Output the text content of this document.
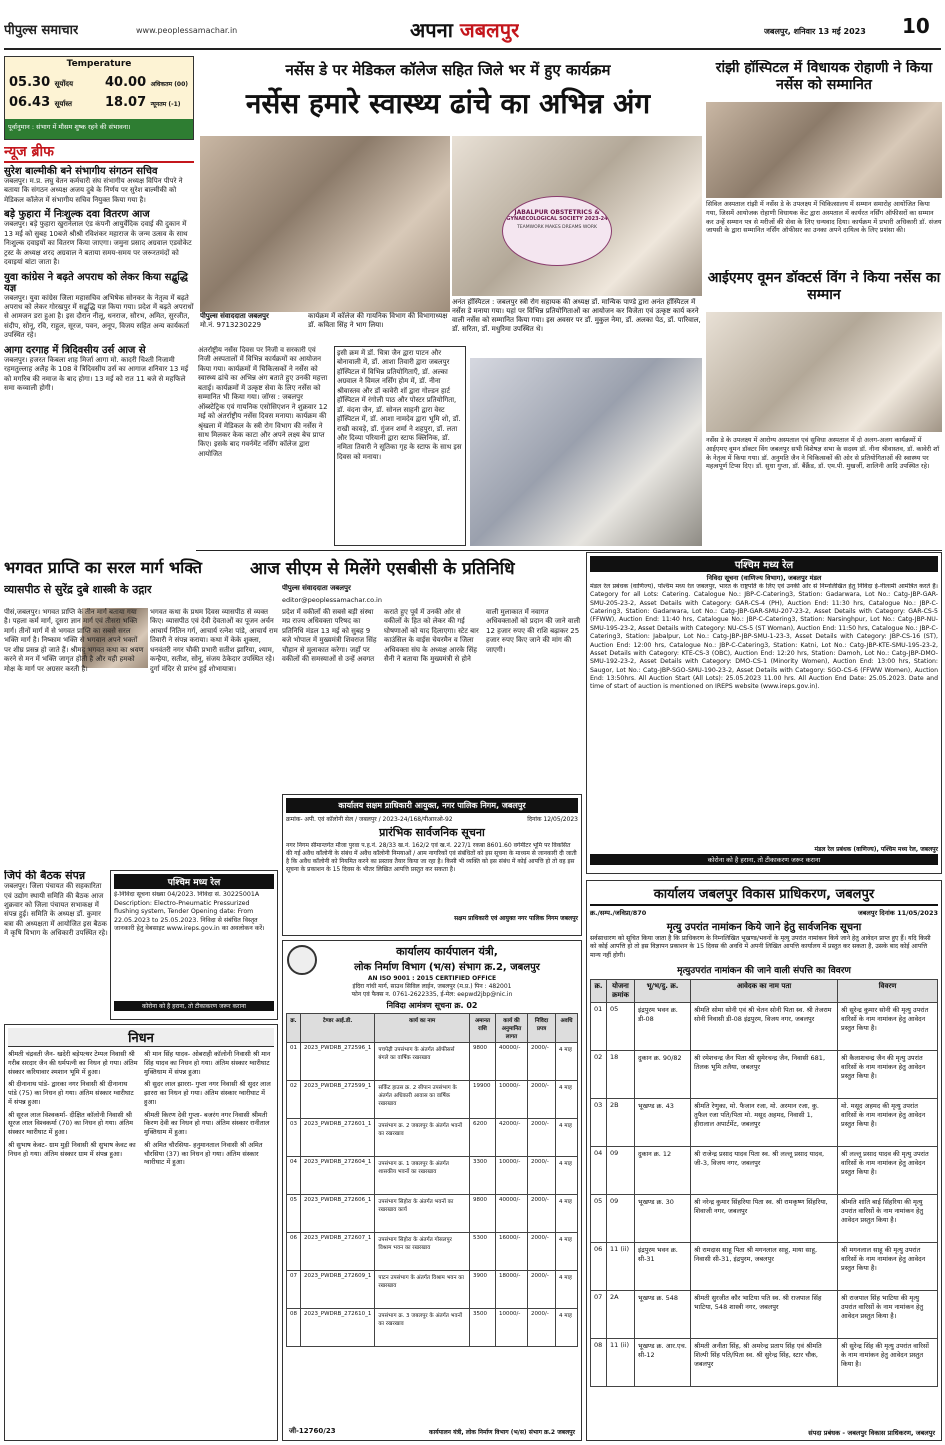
पीपुल्स समाचार	www.peoplessamachar.in	अपना जबलपुर	जबलपुर, शनिवार 13 मई 2023 10
Temperature
05.30 सूर्योदय
06.43 सूर्यास्त
40.00 अधिकतम (00)
18.07 न्यूनतम (-1)
पूर्वानुमान : संभाग में मौसम शुष्क रहने की संभावना।
न्यूज ब्रीफ
सुरेश बाल्मीकी बने संभागीय संगठन सचिव
जबलपुर। म.प्र. लघु वेतन कर्मचारी संघ संभागीय अध्यक्ष विपिन पीपरे ने बताया कि संगठन अध्यक्ष अजय दुबे के निर्णय पर सुरेश बाल्मीकी को मेडिकल कॉलेज में संभागीय सचिव नियुक्त किया गया है।
बड़े फुहारा में निःशुल्क दवा वितरण आज
जबलपुर। बड़े फुहारा खुरानेलाल एंड कंपनी आयुर्वेदिक दवाई की दुकान में 13 मई को सुबह 10बजे श्रीश्री रविशंकर महाराज के जन्म उत्सव के साथ निःशुल्क दवाइयों का वितरण किया जाएगा। जमुना प्रसाद अग्रवाल एडवोकेट ट्रस्ट के अध्यक्ष शरद अग्रवाल ने बताया समय-समय पर जरूरतमंदों को दवाइयां बांटा जाता है।
युवा कांग्रेस ने बढ़ते अपराध को लेकर किया सद्बुद्धि यज्ञ
जबलपुर। युवा कांग्रेस जिला महासचिव अभिषेक सोनकर के नेतृत्व में बढ़ते अपराध को लेकर गोरखपुर में सद्बुद्धि यज्ञ किया गया। प्रदेश में बढ़ते अपराधों से आमजन डरा हुआ है। इस दौरान नीलू, धनराज, सौरभ, अमित, सुरजीत, संदीप, सोनू, रवि, राहुल, सूरज, पवन, अनूप, विजय सहित अन्य कार्यकर्ता उपस्थित रहे।
आगा दरगाह में त्रिदिवसीय उर्स आज से
जबलपुर। हजरत किबला शाह मिर्जा आगा मो. कादरी चिश्ती निजामी रहमतुल्लाह अलैह के 108 वे त्रिदिवसीय उर्स का आगाज शनिवार 13 मई को मगरिब की नमाज के बाद होगा। 13 मई को रात 11 बजे से महफिले समा कव्वाली होगी।
नर्सेस डे पर मेडिकल कॉलेज सहित जिले भर में हुए कार्यक्रम
नर्सेस हमारे स्वास्थ्य ढांचे का अभिन्न अंग
पीपुल्स संवाददाता जबलपुर
मो.नं. 9713230229
कार्यक्रम में कॉलेज की गायनिक विभाग की विभागाध्यक्ष डॉ. कविता सिंह ने भाग लिया।
JABALPUR OBSTETRICS &
GYNAECOLOGICAL SOCIETY 2023-24
TEAMWORK MAKES DREAMS WORK
अनंत हॉस्पिटल : जबलपुर स्त्री रोग सहायक की अध्यक्ष डॉ. मान्यिक पाण्डे द्वारा अनंत हॉस्पिटल में नर्सेस डे मनाया गया। यहां पर विभिन्न प्रतियोगिताओं का आयोजन कर विजेता एवं उत्कृष्ट कार्य करने वाली नर्सेस को सम्मानित किया गया। इस अवसर पर डॉ. मुकुल नेमा, डॉ. अलका पेठ, डॉ. पारिवाल, डॉ. सरिता, डॉ. मधुरिमा उपस्थित थे।
अंतर्राष्ट्रीय नर्सेस दिवस पर निजी व सरकारी एवं निजी अस्पतालों में विभिन्न कार्यक्रमों का आयोजन किया गया। कार्यक्रमों में चिकित्सकों ने नर्सेस को स्वास्थ्य ढांचे का अभिन्न अंग बताते हुए उनकी महत्ता बताई। कार्यक्रमों में उत्कृष्ट सेवा के लिए नर्सेस को सम्मानित भी किया गया। जॉग्स : जबलपुर ऑब्स्टेट्रिक एवं गायनिक एसोसिएशन ने शुक्रवार 12 मई को अंतर्राष्ट्रीय नर्सेस दिवस मनाया। कार्यक्रम की श्रृंखला में मेडिकल के स्त्री रोग विभाग की नर्सेस ने साथ मिलकर केक काटा और अपने लक्ष्य बेच प्राप्त किए। इसके बाद गवर्नमेंट नर्सिंग कॉलेज द्वारा आयोजित
इसी क्रम में डॉ. चित्रा जैन द्वारा पाटन और बोनावाली में, डॉ. आशा तिवारी द्वारा जबलपुर हॉस्पिटल में विभिन्न प्रतियोगिताएँ, डॉ. अल्का अग्रवाल ने विमल नर्सिंग होम में, डॉ. नीना श्रीवास्तव और डॉ कावेरी शॉ द्वारा गोल्डन हार्ट हॉस्पिटल में रंगोली पाठ और पोस्टर प्रतियोगिता, डॉ. वंदना जैन, डॉ. सोनल साहनी द्वारा वेस्ट हॉस्पिटल में, डॉ. आशा नामदेव द्वारा भूमि शो, डॉ. राखी कावड़े, डॉ. गुंजन शर्मा ने शहपुरा, डॉ. लता और दिव्या परियानी द्वारा स्टाफ क्लिनिक, डॉ. नमिता तिवारी ने सूतिका गृह के स्टाफ के साथ इस दिवस को मनाया।
रांझी हॉस्पिटल में विधायक रोहाणी ने किया नर्सेस को सम्मानित
सिविल अस्पताल रांझी में नर्सेस डे के उपलक्ष्य में चिकित्सालय में सम्मान समारोह आयोजित किया गया, जिसमें आयोजक रोहाणी विधायक केंट द्वारा अस्पताल में कार्यरत नर्सिंग ऑफीसरों का सम्मान कर उन्हें सम्मान पत्र से मरीजों की सेवा के लिए धन्यवाद दिया। कार्यक्रम में प्रभारी अधिकारी डॉ. संजय जायसी के द्वारा सम्मानित नर्सिंग ऑफीसर का उनका अपने दायित्व के लिए प्रशंसा की।
आईएमए वूमन डॉक्टर्स विंग ने किया नर्सेस का सम्मान
नर्सेस डे के उपलक्ष्य में आरोग्य अस्पताल एवं सुविधा अस्पताल में दो अलग-अलग कार्यक्रमों में आईएमए वूमन डॉक्टर विंग जबलपुर सभी विशेषज्ञ सभा के सदस्य डॉ. नीना श्रीवास्तव, डॉ. कावेरी शॉ के नेतृत्व में किया गया। डॉ. अनुमति जैन ने चिकित्सकों की ओर से प्रतियोगिताओं की स्वास्थ्य पर महत्वपूर्ण टिप्स दिए। डॉ. सुधा गुप्ता, डॉ. बैंक्रैंड, डॉ. एम.पी. मुखर्जी, शालिनी आदि उपस्थित रहे।
भगवत प्राप्ति का सरल मार्ग भक्ति
व्यासपीठ से सुरेंद्र दुबे शास्त्री के उद्गार
पीसं,जबलपुर। भगवत प्राप्ति के तीन मार्ग बताया गया है। पहला कर्म मार्ग, दूसरा ज्ञान मार्ग एवं तीसरा भक्ति मार्ग। तीनों मार्ग में से भगवत प्राप्ति का सबसे सरल भक्ति मार्ग है। निष्काम भक्ति से भगवान अपने भक्तों पर शीघ्र प्रसन्न हो जाते हैं। श्रीमद् भगवत कथा का श्रवण करने से मन में भक्ति जागृत होती है और यही हमको मोक्ष के मार्ग पर अग्रसर करती है।
भगवत कथा के प्रथम दिवस व्यासपीठ से व्यक्त किए। व्यासपीठ एवं देवी देवताओं का पूजन अर्चन आचार्य नितिन गर्ग, आचार्य रत्नेश पांडे, आचार्य राम तिवारी ने संपन्न कराया। कथा में केके शुक्ला, धनवंतरी नगर चौकी प्रभारी सतीश झारिया, श्याम, कन्हैया, सतीश, सोनू, संजय ठेकेदार उपस्थित रहे। दुर्गा मंदिर से प्रारंभ हुई शोभायात्रा।
आज सीएम से मिलेंगे एसबीसी के प्रतिनिधि
पीपुल्स संवाददाता जबलपुर
editor@peoplessamachar.co.in
प्रदेश में वकीलों की सबसे बड़ी संस्था मप्र राज्य अधिवक्ता परिषद का प्रतिनिधि मंडल 13 मई को सुबह 9 बजे भोपाल में मुख्यमंत्री शिवराज सिंह चौहान से मुलाकात करेगा। जहाँ पर वकीलों की समस्याओं से उन्हें अवगत कराते हुए पूर्व में उनकी ओर से वकीलों के हित को लेकर की गई घोषणाओं को याद दिलाएगा। स्टेट बार काउंसिल के वाईस चेयरमैन व जिला अधिवक्ता संघ के अध्यक्ष आरके सिंह सैनी ने बताया कि मुख्यमंत्री से होने वाली मुलाकात में नवागत अधिवक्ताओं को प्रदान की जाने वाली 12 हजार रुपए की राशि बढ़ाकर 25 हजार रुपए किए जाने की मांग की जाएगी।
कार्यालय सक्षम प्राधिकारी आयुक्त, नगर पालिक निगम, जबलपुर
क्रमांक- अपी. एवं कॉलोनी सेल / जबलपुर / 2023-24/168/पीआरओ-92	दिनांक 12/05/2023
प्रारंभिक सार्वजनिक सूचना
नगर निगम सीमान्तर्गत मौजा पुरवा प.ह.नं. 28/33 ख.नं. 162/2 एवं ख.नं. 227/1 रकबा 8601.60 वर्गमीटर भूमि पर विकसित की गई अवैध कॉलोनी के संबंध में अवैध कॉलोनी निमयाओं / आम नागरिकों एवं संबंधितों को इस सूचना के माध्यम से जानकारी दी जाती है कि अवैध कॉलोनी को नियमित करने का प्रस्ताव तैयार किया जा रहा है। किसी भी व्यक्ति को इस संबंध में कोई आपत्ति हो तो वह इस सूचना के प्रकाशन के 15 दिवस के भीतर लिखित आपत्ति प्रस्तुत कर सकता है।
सक्षम प्राधिकारी एवं आयुक्त नगर पालिक निगम जबलपुर
पश्चिम मध्य रेल
निविदा सूचना (वाणिज्य विभाग), जबलपुर मंडल
मंडल रेल प्रबंधक (वाणिज्य), पश्चिम मध्य रेल जबलपुर, भारत के राष्ट्रपति के लिए एवं उनकी ओर से निम्नलिखित हेतु निविदा ई-नीलामी आमंत्रित करते हैं। Category for all Lots: Catering. Catalogue No.: JBP-C-Catering3, Station: Gadarwara, Lot No.: Catg-JBP-GAR-SMU-205-23-2, Asset Details with Category: GAR-CS-4 (PH), Auction End: 11:30 hrs, Catalogue No.: JBP-C-Catering3, Station: Gadarwara, Lot No.: Catg-JBP-GAR-SMU-207-23-2, Asset Details with Category: GAR-CS-5 (FFWW), Auction End: 11:40 hrs, Catalogue No.: JBP-C-Catering3, Station: Narsinghpur, Lot No.: Catg-JBP-NU-SMU-195-23-2, Asset Details with Category: NU-CS-5 (ST Woman), Auction End: 11:50 hrs, Catalogue No.: JBP-C-Catering3, Station: Jabalpur, Lot No.: Catg-JBP-JBP-SMU-1-23-3, Asset Details with Category: JBP-CS-16 (ST), Auction End: 12:00 hrs, Catalogue No.: JBP-C-Catering3, Station: Katni, Lot No.: Catg-JBP-KTE-SMU-195-23-2, Asset Details with Category: KTE-CS-3 (OBC), Auction End: 12:20 hrs, Station: Damoh, Lot No.: Catg-JBP-DMO-SMU-192-23-2, Asset Details with Category: DMO-CS-1 (Minority Women), Auction End: 13:00 hrs, Station: Saugor, Lot No.: Catg-JBP-SGO-SMU-190-23-2, Asset Details with Category: SGO-CS-6 (FFWW Women), Auction End: 13:50hrs. All Auction Start (All Lots): 25.05.2023 11.00 hrs. All Auction End Date: 25.05.2023. Date and time of start of auction is mentioned on IREPS website (www.ireps.gov.in).
मंडल रेल प्रबंधक (वाणिज्य), पश्चिम मध्य रेल, जबलपुर
कोरोना को है हराना, तो टीकाकरण जरूर कराना
कार्यालय जबलपुर विकास प्राधिकरण, जबलपुर
क्र./सम्प./जविप्रा/870	जबलपुर दिनांक 11/05/2023
मृत्यु उपरांत नामांकन किये जाने हेतु सार्वजनिक सूचना
सर्वसाधारण को सूचित किया जाता है कि प्राधिकरण के निम्नलिखित भूखण्ड/भवनों के मृत्यु उपरांत नामांकन किये जाने हेतु आवेदन प्राप्त हुए हैं। यदि किसी को कोई आपत्ति हो तो इस विज्ञापन प्रकाशन के 15 दिवस की अवधि में अपनी लिखित आपत्ति कार्यालय में प्रस्तुत कर सकता है, उसके बाद कोई आपत्ति मान्य नहीं होगी।
मृत्युउपरांत नामांकन की जाने वाली संपत्ति का विवरण
क्र.	योजना क्रमांक	भू/भ/दु. क्र.	आवेदक का नाम पता	विवरण
01	05	इंद्रपुरम भवन क्र. डी-08	श्रीमति सोमा सोनी एवं श्री चेतन सोनी पिता स्व. श्री तेजराम सोनी निवासी डी-08 इंद्रपुरम, विजय नगर, जबलपुर	श्री सुरेन्द्र कुमार सोनी की मृत्यु उपरांत वारिसों के नाम नामांकन हेतु आवेदन प्रस्तुत किया है।
02	18	दुकान क्र. 90/82	श्री रमेशचन्द्र जैन पिता श्री सुमेरचन्द्र जैन, निवासी 681, तिलक भूमि तलैया, जबलपुर	श्री कैलाशचन्द्र जैन की मृत्यु उपरांत वारिसों के नाम नामांकन हेतु आवेदन प्रस्तुत किया है।
03	2B	भूखण्ड क्र. 43	श्रीमति रेणुका, मो. फैजान रजा, मो. अरमान रजा, कु. तुफैल रजा पति/पिता मो. मसूद अहमद, निवासी 1, हीरालाल अपार्टमेंट, जबलपुर	मो. मसूद अहमद की मृत्यु उपरांत वारिसों के नाम नामांकन हेतु आवेदन प्रस्तुत किया है।
04	09	दुकान क्र. 12	श्री राजेन्द्र प्रसाद यादव पिता स्व. श्री लल्लू प्रसाद यादव, जी-3, विजय नगर, जबलपुर	श्री लल्लू प्रसाद यादव की मृत्यु उपरांत वारिसों के नाम नामांकन हेतु आवेदन प्रस्तुत किया है।
05	09	भूखण्ड क्र. 30	श्री नरेन्द्र कुमार सिंहरिया पिता स्व. श्री रामकृष्ण सिंहरिया, शिवाजी नगर, जबलपुर	श्रीमति शांति बाई सिंहरिया की मृत्यु उपरांत वारिसों के नाम नामांकन हेतु आवेदन प्रस्तुत किया है।
06	11 (ii)	इंद्रपुरम भवन क्र. सी-31	श्री रामदास साहू पिता श्री मगनलाल साहू, माया साहू, निवासी सी-31, इंद्रपुरम, जबलपुर	श्री मगनलाल साहू की मृत्यु उपरांत वारिसों के नाम नामांकन हेतु आवेदन प्रस्तुत किया है।
07	2A	भूखण्ड क्र. 548	श्रीमती सुरजीत कौर भाटिया पति स्व. श्री राजपाल सिंह भाटिया, 548 शास्त्री नगर, जबलपुर	श्री राजपाल सिंह भाटिया की मृत्यु उपरांत वारिसों के नाम नामांकन हेतु आवेदन प्रस्तुत किया है।
08	11 (ii)	भूखण्ड क्र. आर.एच. सी-12	श्रीमती अनीता सिंह, श्री अमरेन्द्र प्रताप सिंह एवं श्रीमति शिल्पी सिंह पति/पिता स्व. श्री सुरेन्द्र सिंह, स्टार चौक, जबलपुर	श्री सुरेन्द्र सिंह की मृत्यु उपरांत वारिसों के नाम नामांकन हेतु आवेदन प्रस्तुत किया है।
संपदा प्रबंधक - जबलपुर विकास प्राधिकरण, जबलपुर
जिपं की बैठक संपन्न
जबलपुर। जिला पंचायत की सहकारिता एवं उद्योग स्थायी समिति की बैठक आज शुक्रवार को जिला पंचायत सभाकक्ष में संपन्न हुई। समिति के अध्यक्ष डॉ. कुमार बत्रा की अध्यक्षता में आयोजित इस बैठक में कृषि विभाग के अधिकारी उपस्थित रहे।
पश्चिम मध्य रेल
ई-निविदा सूचना संख्या 04/2023. निविदा सं. 30225001A Description: Electro-Pneumatic Pressurized flushing system, Tender Opening date: From 22.05.2023 to 25.05.2023. निविदा से संबंधित विस्तृत जानकारी हेतु वेबसाइट www.ireps.gov.in का अवलोकन करें।
कोरोना को है हराना, तो टीकाकरण जरूर कराना
कार्यालय कार्यपालन यंत्री,
लोक निर्माण विभाग (भ/स) संभाग क्र.2, जबलपुर
AN ISO 9001 : 2015 CERTIFIED OFFICE
इंदिरा गांधी मार्ग, साउथ सिविल लाईन, जबलपुर (म.प्र.) पिन : 482001
फोन एवं फैक्स न. 0761-2622335, ई-मेल: eepwd2jbp@nic.in
निविदा आमंत्रण सूचना क्र. 02
क्र.	टेण्डर आई.डी.	कार्य का नाम	अमानत राशि	कार्य की अनुमानित लागत	निविदा प्रपत्र	अवधि
01	2023_PWDRB_272596_1	पचपेढ़ी उपसंभाग के अंतर्गत ऑफीसर्स बंगले का वार्षिक रखरखाव	9800	40000/-	2000/-	4 माह
02	2023_PWDRB_272599_1	सर्किट हाउस क्र. 2 सीपान उपसंभाग के अंतर्गत अधिकारी आवास का वार्षिक रखरखाव	19900	10000/-	2000/-	4 माह
03	2023_PWDRB_272601_1	उपसंभाग क्र. 2 जबलपुर के अंतर्गत भवनों का रखरखाव	6200	42000/-	2000/-	4 माह
04	2023_PWDRB_272604_1	उपसंभाग क्र. 1 जबलपुर के अंतर्गत शासकीय भवनों का रखरखाव	3300	10000/-	2000/-	4 माह
05	2023_PWDRB_272606_1	उपसंभाग सिहोरा के अंतर्गत भवनों का रखरखाव कार्य	9800	40000/-	2000/-	4 माह
06	2023_PWDRB_272607_1	उपसंभाग सिहोरा के अंतर्गत गोसलपुर विश्राम भवन का रखरखाव	5300	16000/-	2000/-	4 माह
07	2023_PWDRB_272609_1	पाटन उपसंभाग के अंतर्गत विश्राम भवन का रखरखाव	3900	18000/-	2000/-	4 माह
08	2023_PWDRB_272610_1	उपसंभाग क्र. 3 जबलपुर के अंतर्गत भवनों का रखरखाव	3500	10000/-	2000/-	4 माह
कार्यपालन यंत्री, लोक निर्माण विभाग (भ/स) संभाग क्र.2 जबलपुर
जी-12760/23
निधन
श्रीमती चंद्रवती जैन- खदेरी बड़ेपत्थर टेम्पल निवासी श्री गरीब सरदार जैन की धर्मपत्नी का निधन हो गया। अंतिम संस्कार करियावार श्मशान भूमि में हुआ।
श्री दीनानाथ पांडे- द्वारका नगर निवासी श्री दीनानाथ पांडे (75) का निधन हो गया। अंतिम संस्कार ग्वारीघाट में संपन्न हुआ।
श्री सूरज लाल विश्वकर्मा- दीक्षित कॉलोनी निवासी श्री सूरज लाल विश्वकर्मा (70) का निधन हो गया। अंतिम संस्कार ग्वारीघाट में हुआ।
श्री सुभाष केवट- ग्राम मुड़ी निवासी श्री सुभाष केवट का निधन हो गया। अंतिम संस्कार ग्राम में संपन्न हुआ।
श्री मान सिंह यादव- ओबराही कॉलोनी निवासी श्री मान सिंह यादव का निधन हो गया। अंतिम संस्कार ग्वारीघाट मुक्तिधाम में संपन्न हुआ।
श्री सुदर लाल झाररा- गुप्ता नगर निवासी श्री सुदर लाल झाररा का निधन हो गया। अंतिम संस्कार ग्वारीघाट में हुआ।
श्रीमती किरण देवी गुप्ता- बजरंग नगर निवासी श्रीमती किरण देवी का निधन हो गया। अंतिम संस्कार रानीताल मुक्तिधाम में हुआ।
श्री अमित चौरसिया- हनुमानताल निवासी श्री अमित चौरसिया (37) का निधन हो गया। अंतिम संस्कार ग्वारीघाट में हुआ।
